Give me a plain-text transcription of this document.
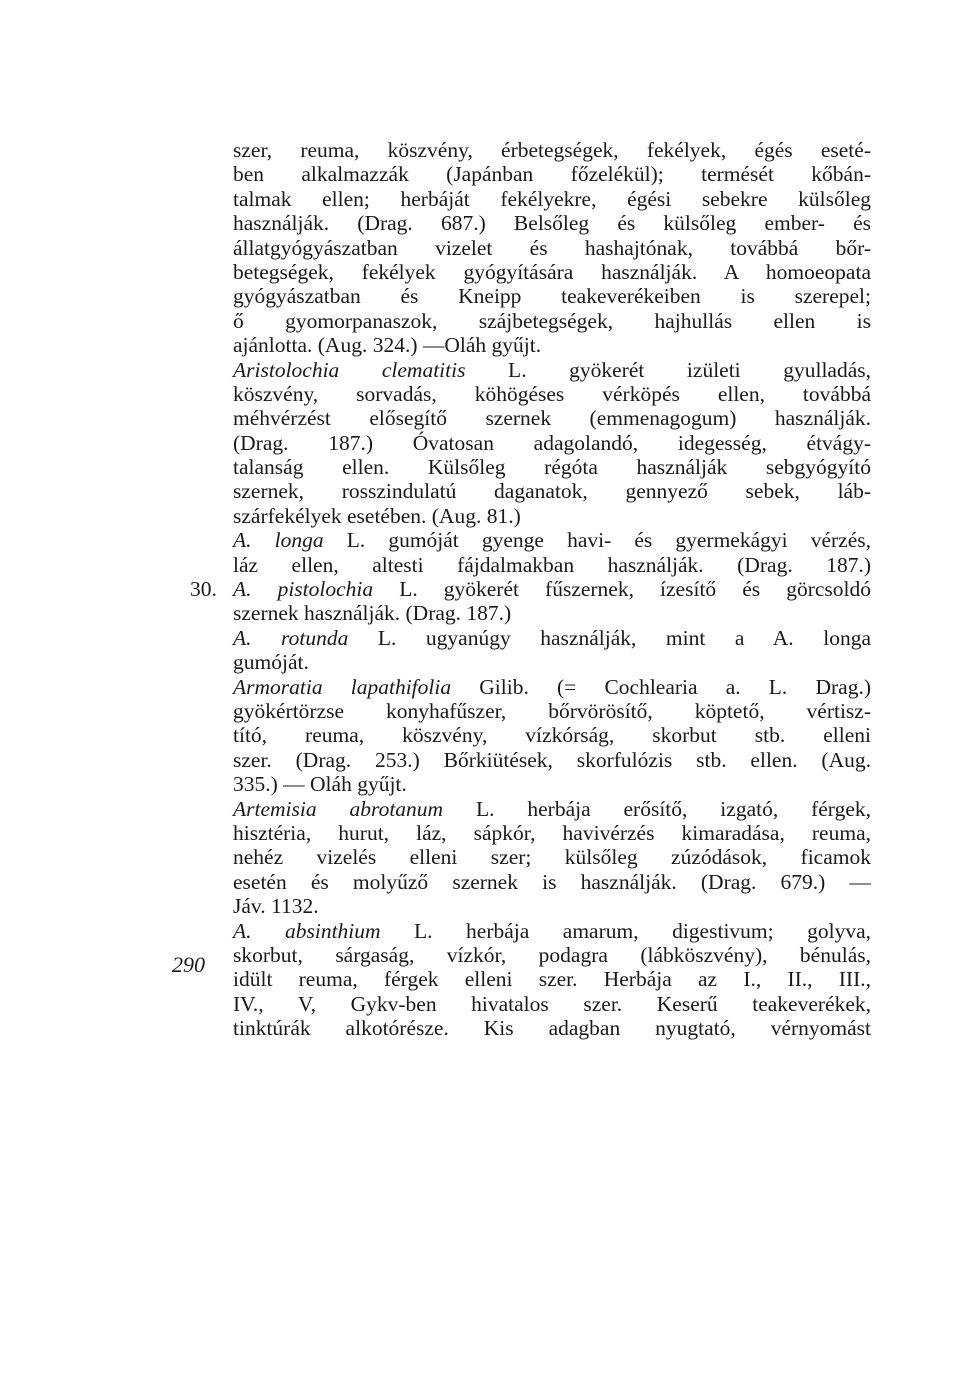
szer, reuma, köszvény, érbetegségek, fekélyek, égés eseté-
ben alkalmazzák (Japánban főzelékül); termését kőbán-
talmak ellen; herbáját fekélyekre, égési sebekre külsőleg
használják. (Drag. 687.) Belsőleg és külsőleg ember- és
állatgyógyászatban vizelet és hashajtónak, továbbá bőr-
betegségek, fekélyek gyógyítására használják. A homoeopata
gyógyászatban és Kneipp teakeverékeiben is szerepel;
ő gyomorpanaszok, szájbetegségek, hajhullás ellen is
ajánlotta. (Aug. 324.) —Oláh gyűjt.
Aristolochia clematitis L. gyökerét izületi gyulladás,
köszvény, sorvadás, köhögéses vérköpés ellen, továbbá
méhvérzést elősegítő szernek (emmenagogum) használják.
(Drag. 187.) Óvatosan adagolandó, idegesség, étvágy-
talanság ellen. Külsőleg régóta használják sebgyógyító
szernek, rosszindulatú daganatok, gennyező sebek, láb-
szárfekélyek esetében. (Aug. 81.)
A. longa L. gumóját gyenge havi- és gyermekágyi vérzés,
láz ellen, altesti fájdalmakban használják. (Drag. 187.)
A. pistolochia L. gyökerét fűszernek, ízesítő és görcsoldó
szernek használják. (Drag. 187.)
A. rotunda L. ugyanúgy használják, mint a A. longa
gumóját.
Armoratia lapathifolia Gilib. (= Cochlearia a. L. Drag.)
gyökértörzse konyhafűszer, bőrvörösítő, köptető, vértisz-
tító, reuma, köszvény, vízkórság, skorbut stb. elleni
szer. (Drag. 253.) Bőrkiütések, skorfulózis stb. ellen. (Aug.
335.) — Oláh gyűjt.
Artemisia abrotanum L. herbája erősítő, izgató, férgek,
hisztéria, hurut, láz, sápkór, havivérzés kimaradása, reuma,
nehéz vizelés elleni szer; külsőleg zúzódások, ficamok
esetén és molyűző szernek is használják. (Drag. 679.) —
Jáv. 1132.
A. absinthium L. herbája amarum, digestivum; golyva,
skorbut, sárgaság, vízkór, podagra (lábköszvény), bénulás,
idült reuma, férgek elleni szer. Herbája az I., II., III.,
IV., V, Gykv-ben hivatalos szer. Keserű teakeverékek,
tinktúrák alkotórésze. Kis adagban nyugtató, vérnyomást
30.
290
